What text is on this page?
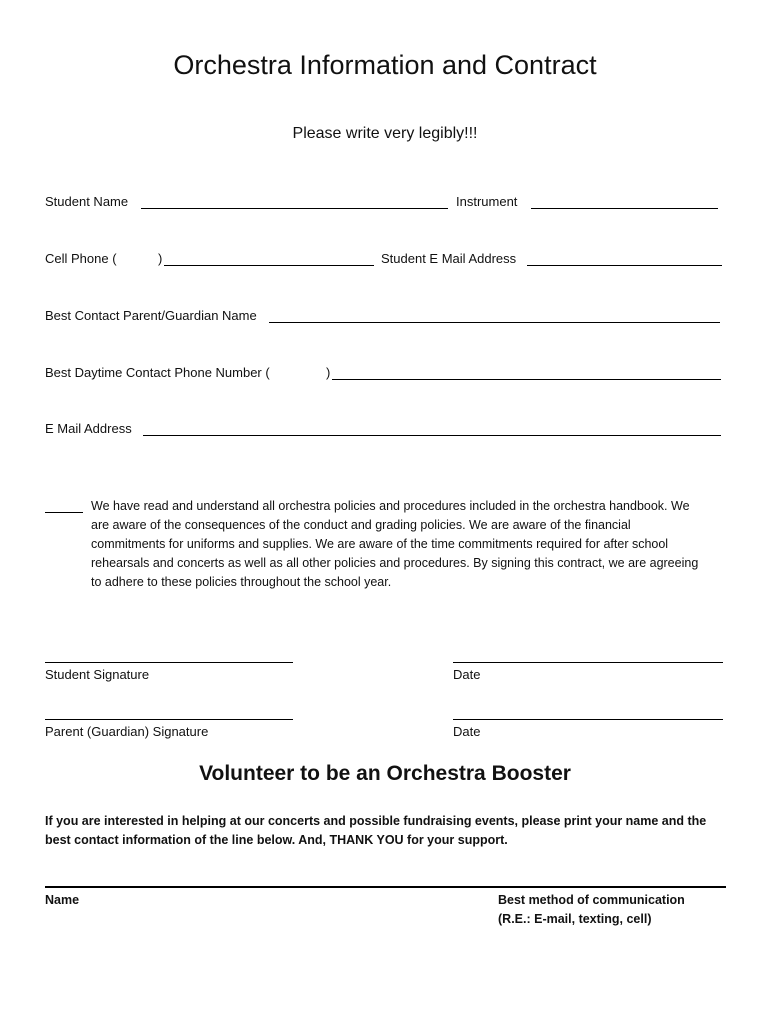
Orchestra Information and Contract
Please write very legibly!!!
Student Name	Instrument
Cell Phone (	)	Student E Mail Address
Best Contact Parent/Guardian Name
Best Daytime Contact Phone Number (	)
E Mail Address
We have read and understand all orchestra policies and procedures included in the orchestra handbook. We are aware of the consequences of the conduct and grading policies. We are aware of the financial commitments for uniforms and supplies. We are aware of the time commitments required for after school rehearsals and concerts as well as all other policies and procedures. By signing this contract, we are agreeing to adhere to these policies throughout the school year.
Student Signature	Date
Parent (Guardian) Signature	Date
Volunteer to be an Orchestra Booster
If you are interested in helping at our concerts and possible fundraising events, please print your name and the best contact information of the line below. And, THANK YOU for your support.
Name	Best method of communication
(R.E.: E-mail, texting, cell)
